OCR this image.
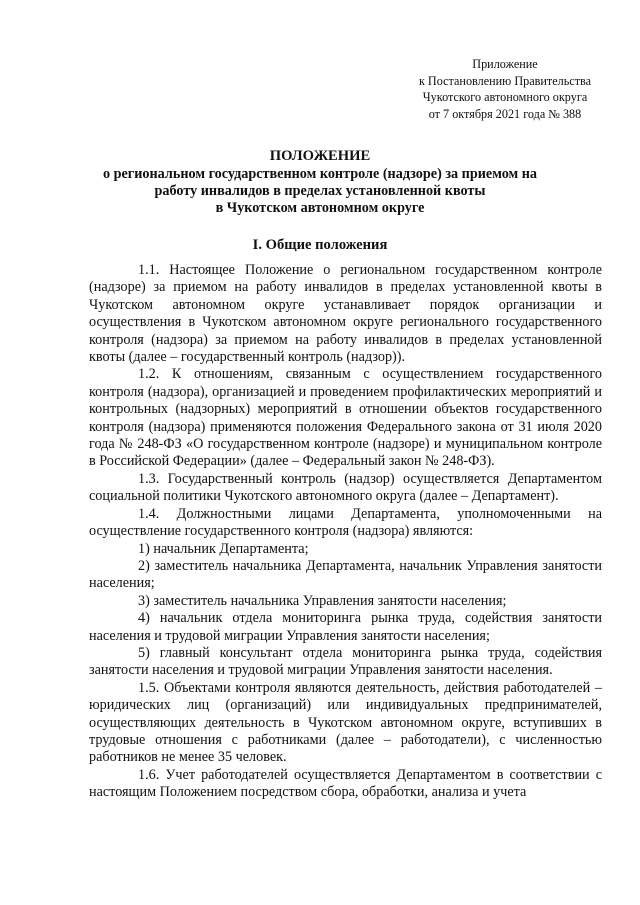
Приложение
к Постановлению Правительства
Чукотского автономного округа
от 7 октября 2021 года № 388
ПОЛОЖЕНИЕ
о региональном государственном контроле (надзоре) за приемом на
работу инвалидов в пределах установленной квоты
в Чукотском автономном округе
I. Общие положения

1.1. Настоящее Положение о региональном государственном контроле (надзоре) за приемом на работу инвалидов в пределах установленной квоты в Чукотском автономном округе устанавливает порядок организации и осуществления в Чукотском автономном округе регионального государственного контроля (надзора) за приемом на работу инвалидов в пределах установленной квоты (далее – государственный контроль (надзор)).

1.2. К отношениям, связанным с осуществлением государственного контроля (надзора), организацией и проведением профилактических мероприятий и контрольных (надзорных) мероприятий в отношении объектов государственного контроля (надзора) применяются положения Федерального закона от 31 июля 2020 года № 248-ФЗ «О государственном контроле (надзоре) и муниципальном контроле в Российской Федерации» (далее – Федеральный закон № 248-ФЗ).

1.3. Государственный контроль (надзор) осуществляется Департаментом социальной политики Чукотского автономного округа (далее – Департамент).

1.4. Должностными лицами Департамента, уполномоченными на осуществление государственного контроля (надзора) являются:

1) начальник Департамента;

2) заместитель начальника Департамента, начальник Управления занятости населения;

3) заместитель начальника Управления занятости населения;

4) начальник отдела мониторинга рынка труда, содействия занятости населения и трудовой миграции Управления занятости населения;

5) главный консультант отдела мониторинга рынка труда, содействия занятости населения и трудовой миграции Управления занятости населения.

1.5. Объектами контроля являются деятельность, действия работодателей – юридических лиц (организаций) или индивидуальных предпринимателей, осуществляющих деятельность в Чукотском автономном округе, вступивших в трудовые отношения с работниками (далее – работодатели), с численностью работников не менее 35 человек.

1.6. Учет работодателей осуществляется Департаментом в соответствии с настоящим Положением посредством сбора, обработки, анализа и учета
